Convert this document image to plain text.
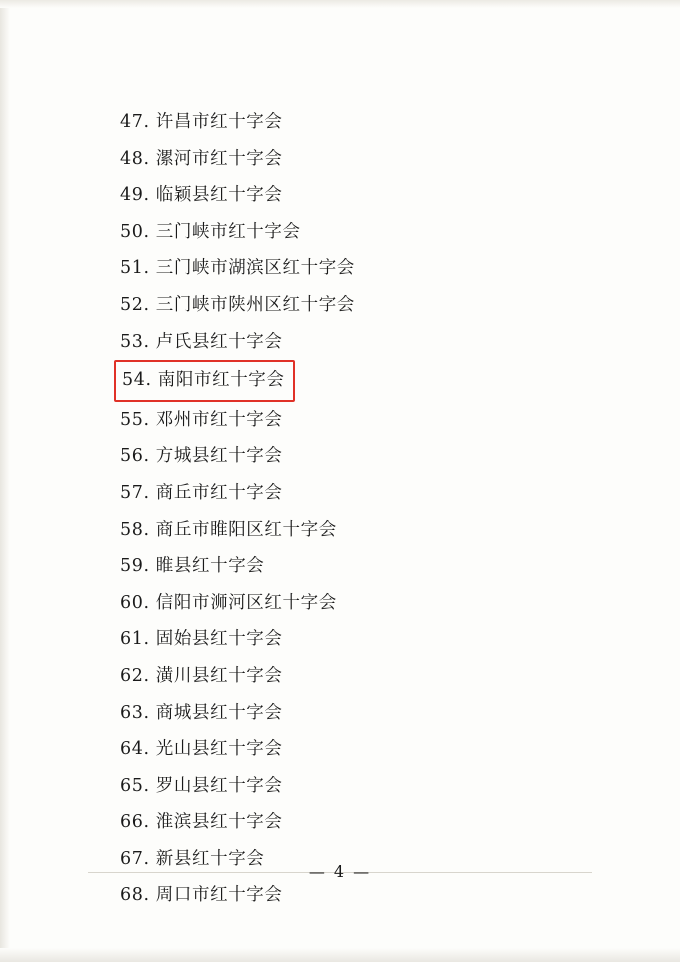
47. 许昌市红十字会
48. 漯河市红十字会
49. 临颖县红十字会
50. 三门峡市红十字会
51. 三门峡市湖滨区红十字会
52. 三门峡市陕州区红十字会
53. 卢氏县红十字会
54. 南阳市红十字会
55. 邓州市红十字会
56. 方城县红十字会
57. 商丘市红十字会
58. 商丘市睢阳区红十字会
59. 睢县红十字会
60. 信阳市浉河区红十字会
61. 固始县红十字会
62. 潢川县红十字会
63. 商城县红十字会
64. 光山县红十字会
65. 罗山县红十字会
66. 淮滨县红十字会
67. 新县红十字会
68. 周口市红十字会
— 4 —
